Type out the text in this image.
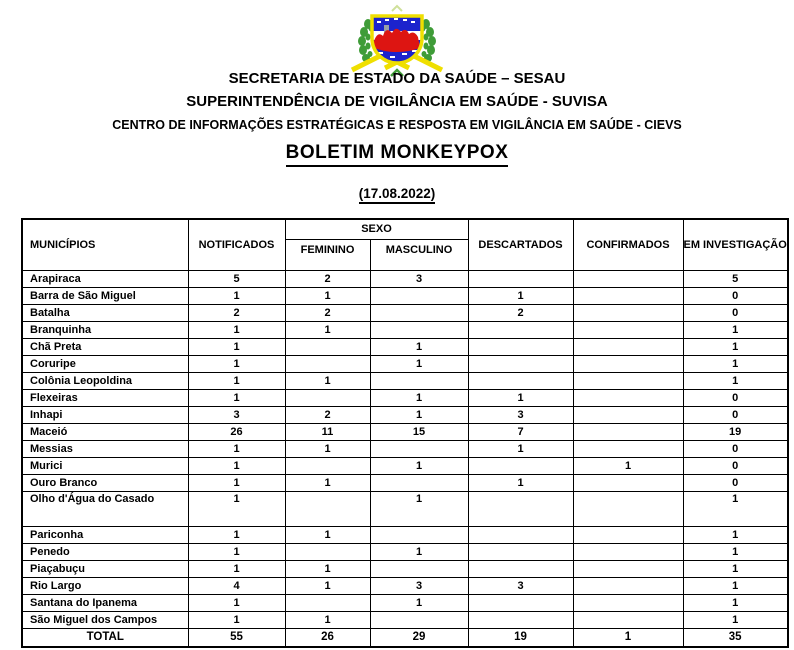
SECRETARIA DE ESTADO DA SAÚDE – SESAU
SUPERINTENDÊNCIA DE VIGILÂNCIA EM SAÚDE - SUVISA
CENTRO DE INFORMAÇÕES ESTRATÉGICAS E RESPOSTA EM VIGILÂNCIA EM SAÚDE - CIEVS
BOLETIM MONKEYPOX
(17.08.2022)
MUNICÍPIOS	NOTIFICADOS	SEXO		DESCARTADOS	CONFIRMADOS	EM INVESTIGAÇÃO
		FEMININO	MASCULINO			
Arapiraca	5	2	3			5
Barra de São Miguel	1	1		1		0
Batalha	2	2		2		0
Branquinha	1	1				1
Chã Preta	1		1			1
Coruripe	1		1			1
Colônia Leopoldina	1	1				1
Flexeiras	1		1	1		0
Inhapi	3	2	1	3		0
Maceió	26	11	15	7		19
Messias	1	1		1		0
Murici	1		1		1	0
Ouro Branco	1	1		1		0
Olho d'Água do Casado	1		1			1
Pariconha	1	1				1
Penedo	1		1			1
Piaçabuçu	1	1				1
Rio Largo	4	1	3	3		1
Santana do Ipanema	1		1			1
São Miguel dos Campos	1	1				1
TOTAL	55	26	29	19	1	35
